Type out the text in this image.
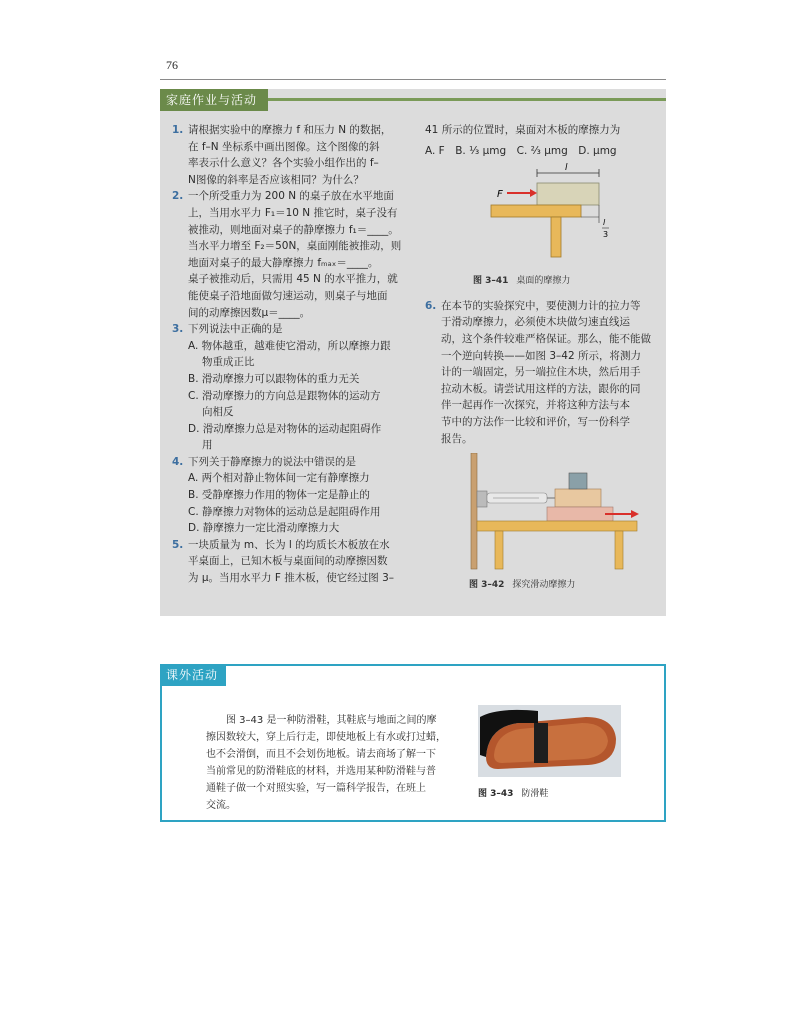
76
家庭作业与活动
1. 请根据实验中的摩擦力 f 和压力 N 的数据，
在 f–N 坐标系中画出图像。这个图像的斜
率表示什么意义？各个实验小组作出的 f–
N图像的斜率是否应该相同？为什么？
2. 一个所受重力为 200 N 的桌子放在水平地面
上，当用水平力 F₁＝10 N 推它时，桌子没有
被推动，则地面对桌子的静摩擦力 f₁＝____。
当水平力增至 F₂＝50N，桌面刚能被推动，则
地面对桌子的最大静摩擦力 fₘₐₓ＝____。
桌子被推动后，只需用 45 N 的水平推力，就
能使桌子沿地面做匀速运动，则桌子与地面
间的动摩擦因数μ＝____。
3. 下列说法中正确的是
A. 物体越重，越难使它滑动，所以摩擦力跟
物重成正比
B. 滑动摩擦力可以跟物体的重力无关
C. 滑动摩擦力的方向总是跟物体的运动方
向相反
D. 滑动摩擦力总是对物体的运动起阻碍作
用
4. 下列关于静摩擦力的说法中错误的是
A. 两个相对静止物体间一定有静摩擦力
B. 受静摩擦力作用的物体一定是静止的
C. 静摩擦力对物体的运动总是起阻碍作用
D. 静摩擦力一定比滑动摩擦力大
5. 一块质量为 m、长为 l 的均质长木板放在水
平桌面上，已知木板与桌面间的动摩擦因数
为 μ。当用水平力 F 推木板，使它经过图 3–
41 所示的位置时，桌面对木板的摩擦力为
A. F　B. ¹⁄₃ μmg　C. ²⁄₃ μmg　D. μmg
l
F
l
3
图 3–41 桌面的摩擦力
6. 在本节的实验探究中，要使测力计的拉力等
于滑动摩擦力，必须使木块做匀速直线运
动，这个条件较难严格保证。那么，能不能做
一个逆向转换——如图 3–42 所示，将测力
计的一端固定，另一端拉住木块，然后用手
拉动木板。请尝试用这样的方法，跟你的同
伴一起再作一次探究，并将这种方法与本
节中的方法作一比较和评价，写一份科学
报告。
图 3–42 探究滑动摩擦力
课外活动
图 3–43 是一种防滑鞋，其鞋底与地面之间的摩
擦因数较大，穿上后行走，即使地板上有水或打过蜡，
也不会滑倒，而且不会划伤地板。请去商场了解一下
当前常见的防滑鞋底的材料，并选用某种防滑鞋与普
通鞋子做一个对照实验，写一篇科学报告，在班上
交流。
图 3–43 防滑鞋
